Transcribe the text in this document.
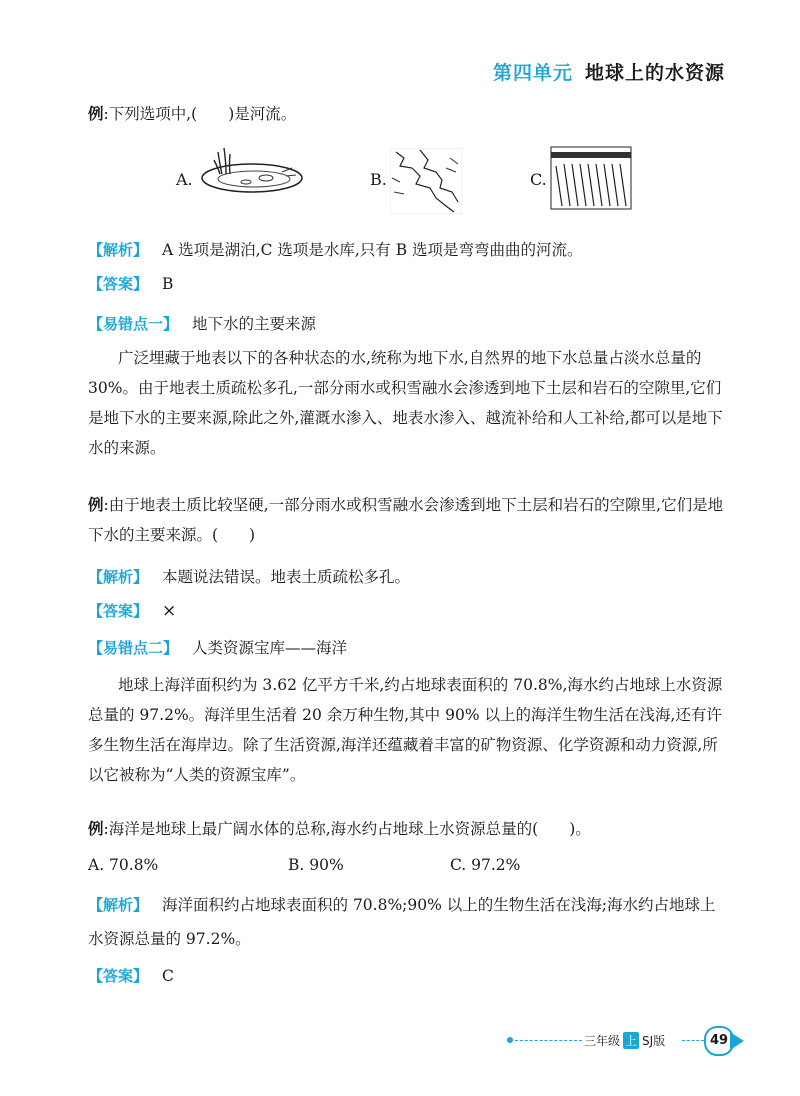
第四单元 地球上的水资源
例:下列选项中,(　　)是河流。
A.	B.	C.
【解析】 A 选项是湖泊,C 选项是水库,只有 B 选项是弯弯曲曲的河流。
【答案】 B
【易错点一】 地下水的主要来源
广泛埋藏于地表以下的各种状态的水,统称为地下水,自然界的地下水总量占淡水总量的 30%。由于地表土质疏松多孔,一部分雨水或积雪融水会渗透到地下土层和岩石的空隙里,它们是地下水的主要来源,除此之外,灌溉水渗入、地表水渗入、越流补给和人工补给,都可以是地下水的来源。
例:由于地表土质比较坚硬,一部分雨水或积雪融水会渗透到地下土层和岩石的空隙里,它们是地下水的主要来源。(　　)
【解析】 本题说法错误。地表土质疏松多孔。
【答案】 ×
【易错点二】 人类资源宝库——海洋
地球上海洋面积约为 3.62 亿平方千米,约占地球表面积的 70.8%,海水约占地球上水资源总量的 97.2%。海洋里生活着 20 余万种生物,其中 90% 以上的海洋生物生活在浅海,还有许多生物生活在海岸边。除了生活资源,海洋还蕴藏着丰富的矿物资源、化学资源和动力资源,所以它被称为“人类的资源宝库”。
例:海洋是地球上最广阔水体的总称,海水约占地球上水资源总量的(　　)。
A. 70.8%	B. 90%	C. 97.2%
【解析】 海洋面积约占地球表面积的 70.8%;90% 以上的生物生活在浅海;海水约占地球上水资源总量的 97.2%。
【答案】 C
三年级 上 SJ版	49
